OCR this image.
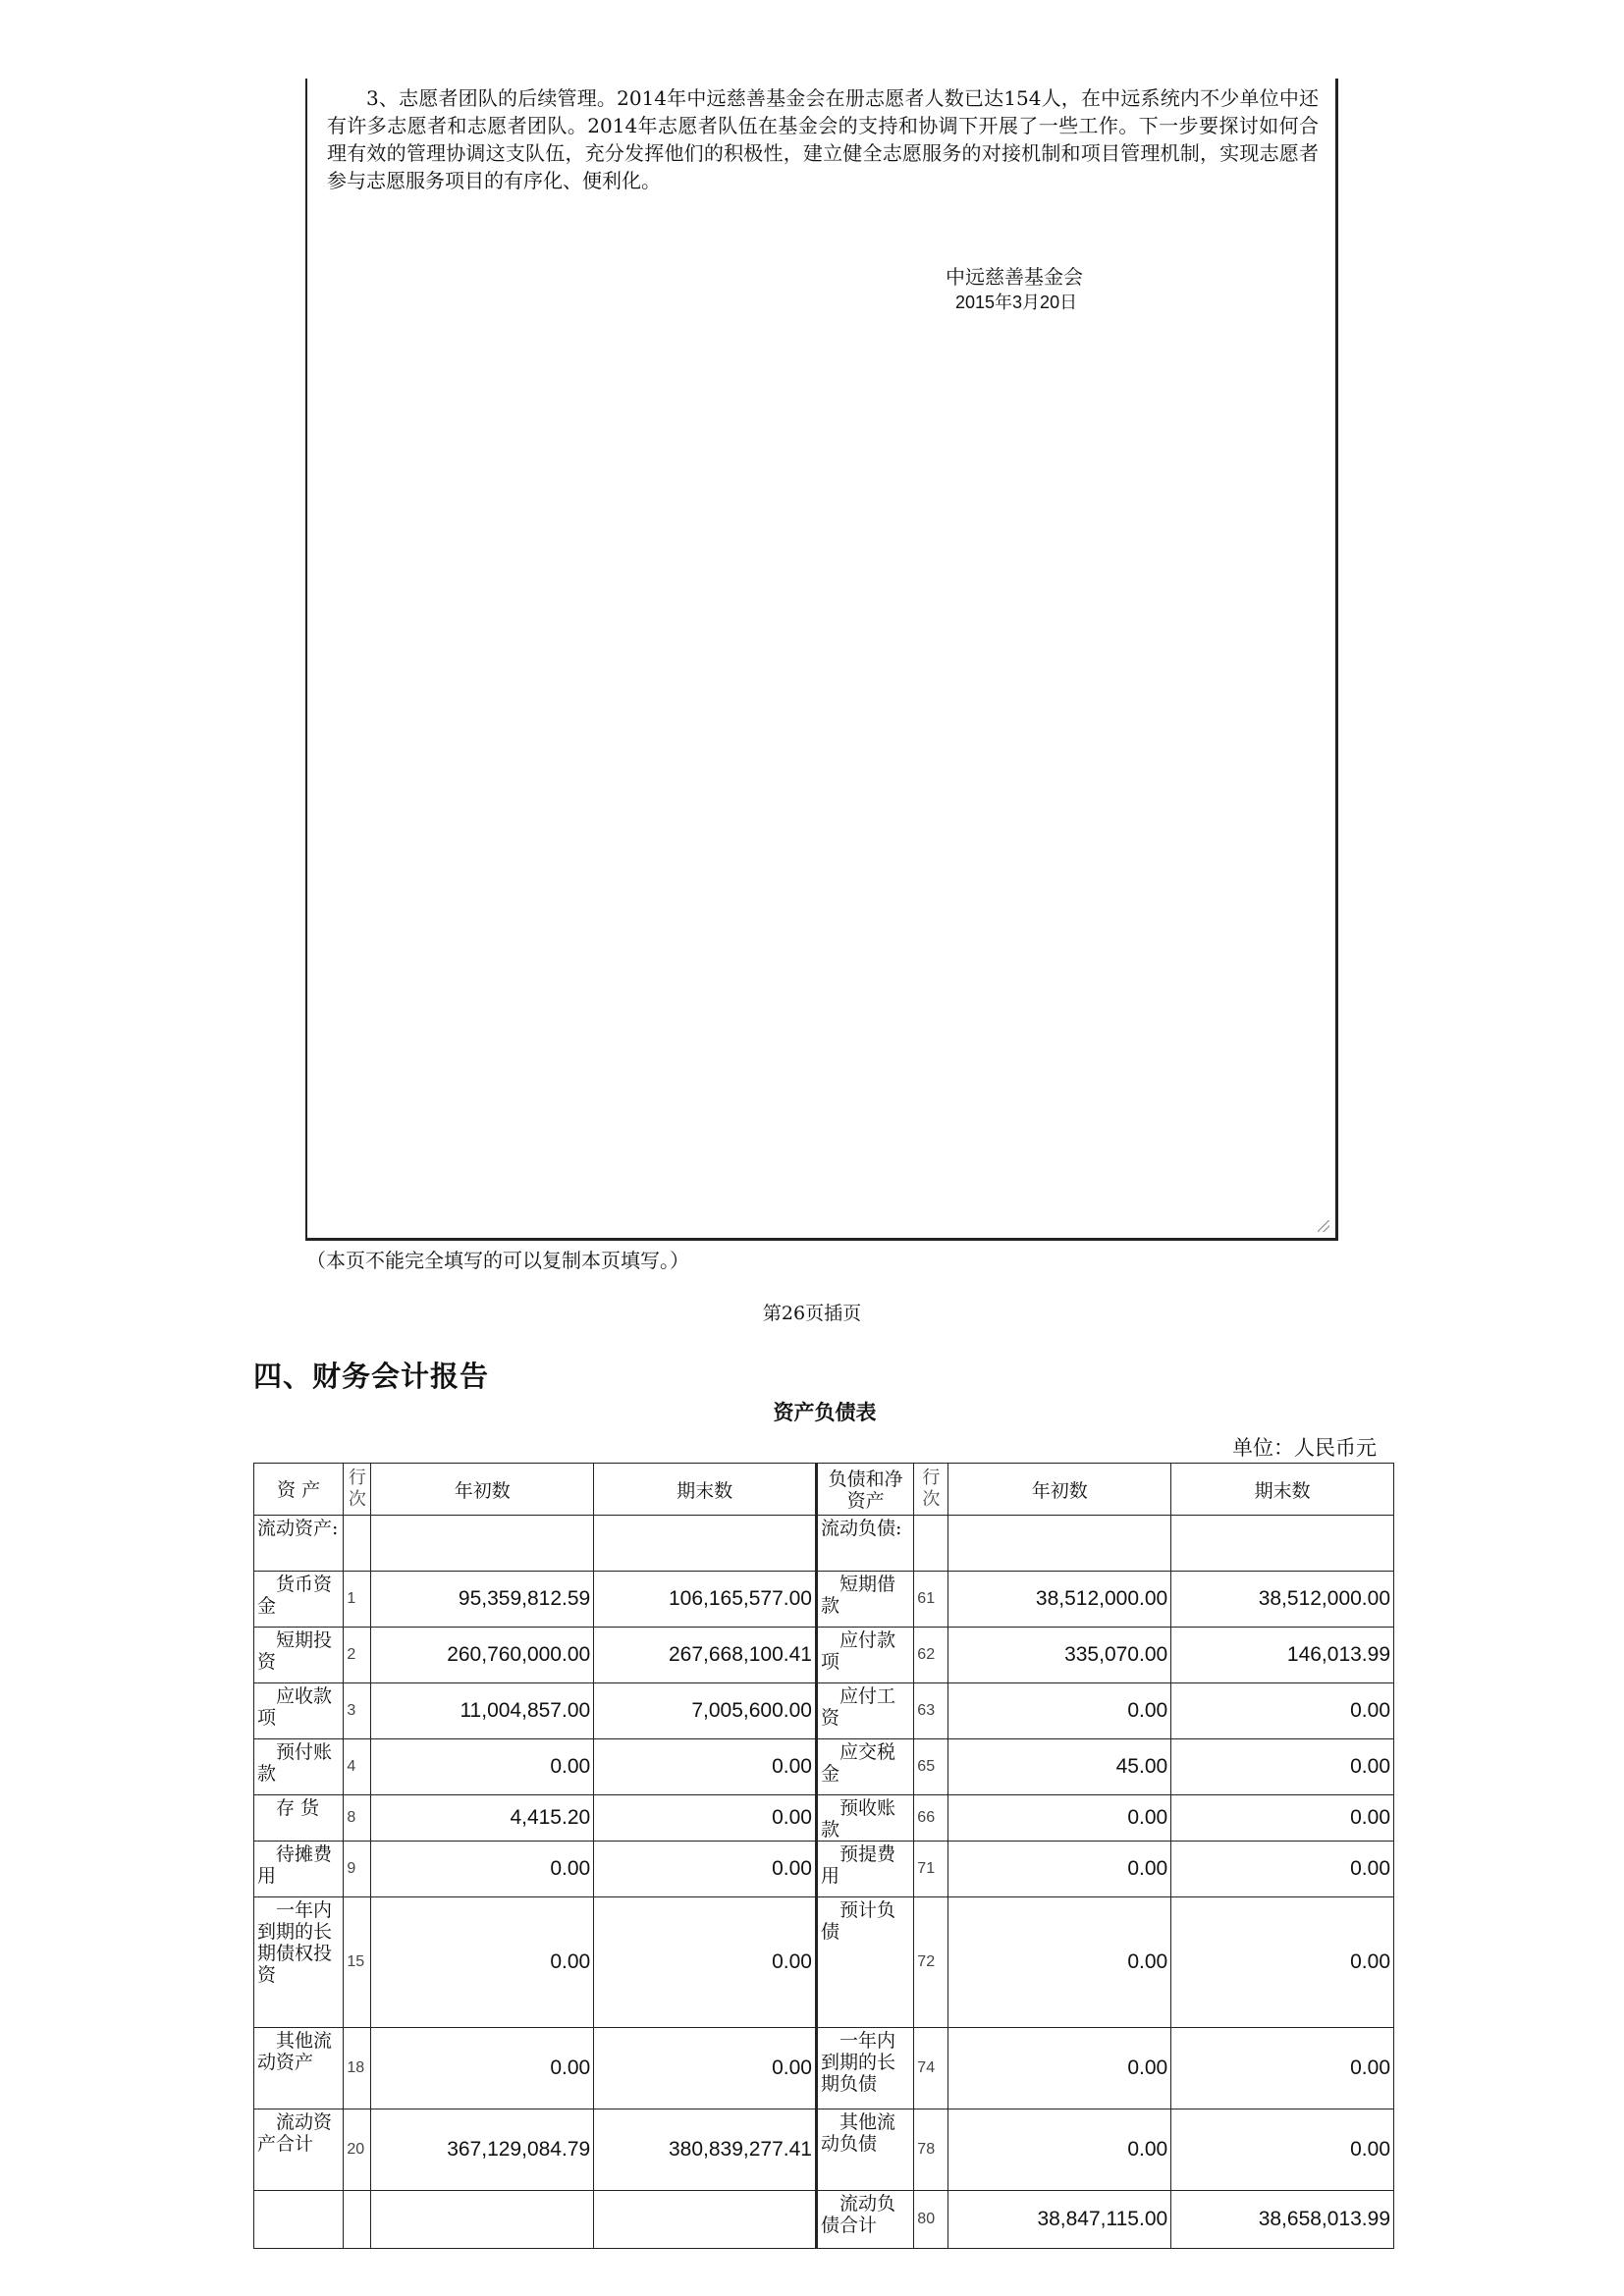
3、志愿者团队的后续管理。2014年中远慈善基金会在册志愿者人数已达154人，在中远系统内不少单位中还有许多志愿者和志愿者团队。2014年志愿者队伍在基金会的支持和协调下开展了一些工作。下一步要探讨如何合理有效的管理协调这支队伍，充分发挥他们的积极性，建立健全志愿服务的对接机制和项目管理机制，实现志愿者参与志愿服务项目的有序化、便利化。

中远慈善基金会
2015年3月20日
（本页不能完全填写的可以复制本页填写。）
第26页插页
四、财务会计报告
资产负债表
单位：人民币元
资 产	行次	年初数	期末数	负债和净资产	行次	年初数	期末数
流动资产:				流动负债:			
　货币资金	1	95,359,812.59	106,165,577.00	　短期借款	61	38,512,000.00	38,512,000.00
　短期投资	2	260,760,000.00	267,668,100.41	　应付款项	62	335,070.00	146,013.99
　应收款项	3	11,004,857.00	7,005,600.00	　应付工资	63	0.00	0.00
　预付账款	4	0.00	0.00	　应交税金	65	45.00	0.00
　存 货	8	4,415.20	0.00	　预收账款	66	0.00	0.00
　待摊费用	9	0.00	0.00	　预提费用	71	0.00	0.00
　一年内到期的长期债权投资	15	0.00	0.00	　预计负债	72	0.00	0.00
　其他流动资产	18	0.00	0.00	　一年内到期的长期负债	74	0.00	0.00
　流动资产合计	20	367,129,084.79	380,839,277.41	　其他流动负债	78	0.00	0.00
				　流动负债合计	80	38,847,115.00	38,658,013.99
